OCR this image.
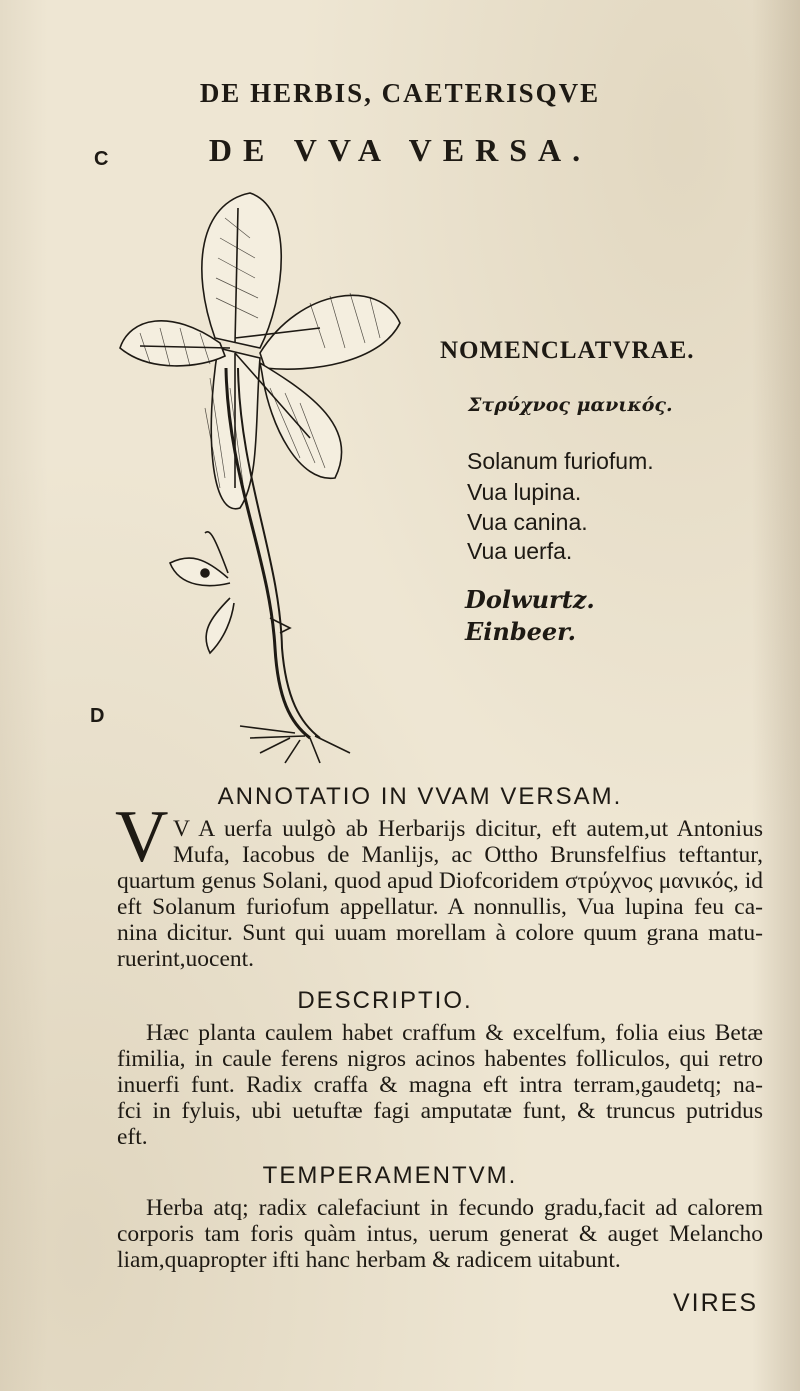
DE HERBIS, CAETERISQVE
C	DE VVA VERSA.
NOMENCLATVRAE.
Στρύχνος μανικός.
Solanum furiofum.
Vua lupina.
Vua canina.
Vua uerfa.
Dolwurtz.
Einbeer.
D
ANNOTATIO IN VVAM VERSAM.
V V A uerfa uulgò ab Herbarijs dicitur, eft autem,ut Antonius
Mufa, Iacobus de Manlijs, ac Ottho Brunsfelfius teftantur,
quartum genus Solani, quod apud Diofcoridem στρύχνος μανικός, id
eft Solanum furiofum appellatur. A nonnullis, Vua lupina feu ca-
nina dicitur. Sunt qui uuam morellam à colore quum grana matu-
ruerint,uocent.
DESCRIPTIO.
Hæc planta caulem habet craffum & excelfum, folia eius Betæ
fimilia, in caule ferens nigros acinos habentes folliculos, qui retro
inuerfi funt. Radix craffa & magna eft intra terram,gaudetq; na-
fci in fyluis, ubi uetuftæ fagi amputatæ funt, & truncus putridus
eft.
TEMPERAMENTVM.
Herba atq; radix calefaciunt in fecundo gradu,facit ad calorem
corporis tam foris quàm intus, uerum generat & auget Melancho
liam,quapropter ifti hanc herbam & radicem uitabunt.
VIRES
